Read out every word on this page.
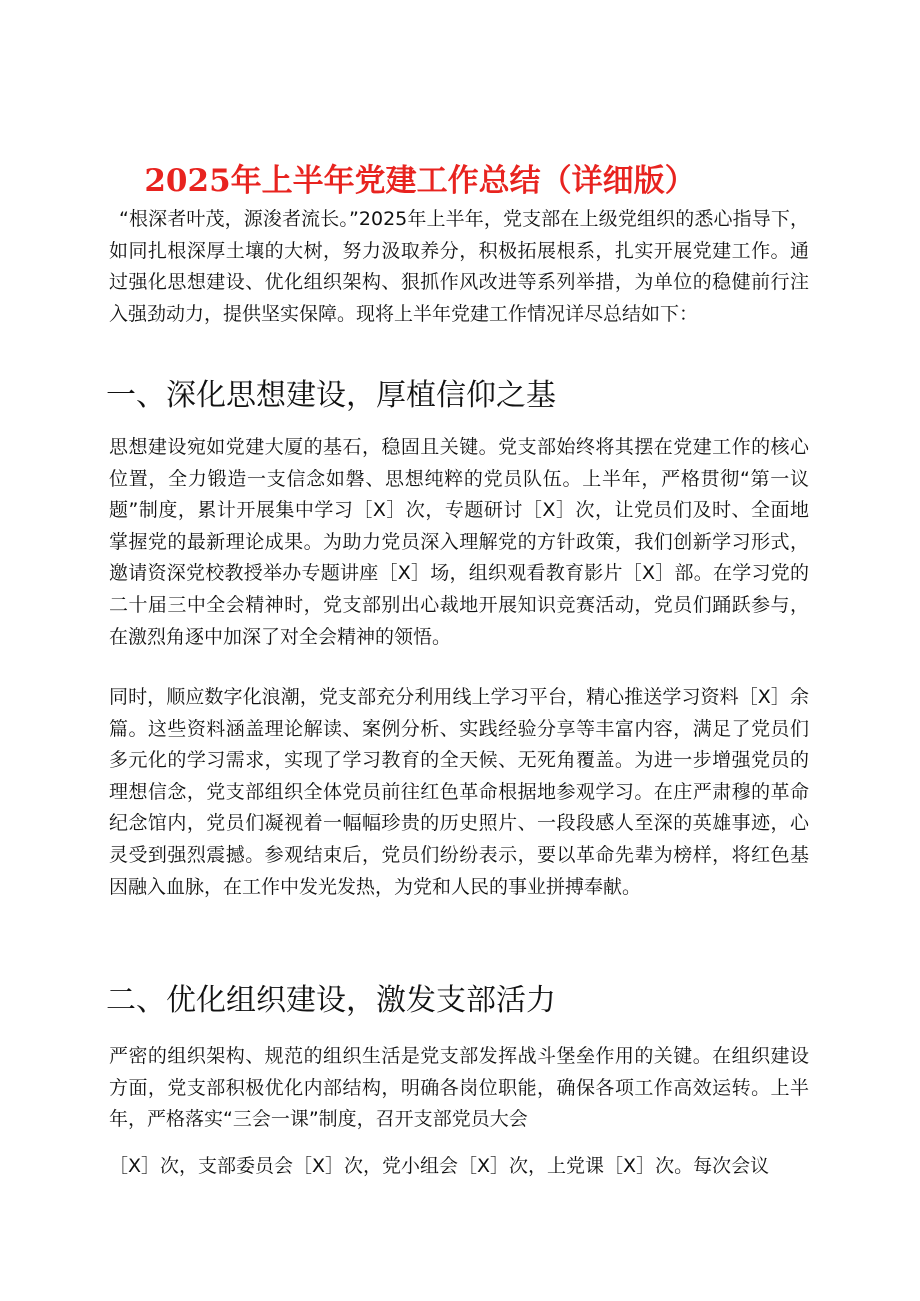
2025年上半年党建工作总结（详细版）

“根深者叶茂，源浚者流长。”2025年上半年，党支部在上级党组织的悉心指导下，如同扎根深厚土壤的大树，努力汲取养分，积极拓展根系，扎实开展党建工作。通过强化思想建设、优化组织架构、狠抓作风改进等系列举措，为单位的稳健前行注入强劲动力，提供坚实保障。现将上半年党建工作情况详尽总结如下：

一、深化思想建设，厚植信仰之基

思想建设宛如党建大厦的基石，稳固且关键。党支部始终将其摆在党建工作的核心位置，全力锻造一支信念如磐、思想纯粹的党员队伍。上半年，严格贯彻“第一议题”制度，累计开展集中学习［X］次，专题研讨［X］次，让党员们及时、全面地掌握党的最新理论成果。为助力党员深入理解党的方针政策，我们创新学习形式，邀请资深党校教授举办专题讲座［X］场，组织观看教育影片［X］部。在学习党的二十届三中全会精神时，党支部别出心裁地开展知识竞赛活动，党员们踊跃参与，在激烈角逐中加深了对全会精神的领悟。

同时，顺应数字化浪潮，党支部充分利用线上学习平台，精心推送学习资料［X］余篇。这些资料涵盖理论解读、案例分析、实践经验分享等丰富内容，满足了党员们多元化的学习需求，实现了学习教育的全天候、无死角覆盖。为进一步增强党员的理想信念，党支部组织全体党员前往红色革命根据地参观学习。在庄严肃穆的革命纪念馆内，党员们凝视着一幅幅珍贵的历史照片、一段段感人至深的英雄事迹，心灵受到强烈震撼。参观结束后，党员们纷纷表示，要以革命先辈为榜样，将红色基因融入血脉，在工作中发光发热，为党和人民的事业拼搏奉献。

二、优化组织建设，激发支部活力

严密的组织架构、规范的组织生活是党支部发挥战斗堡垒作用的关键。在组织建设方面，党支部积极优化内部结构，明确各岗位职能，确保各项工作高效运转。上半年，严格落实“三会一课”制度，召开支部党员大会

［X］次，支部委员会［X］次，党小组会［X］次，上党课［X］次。每次会议
